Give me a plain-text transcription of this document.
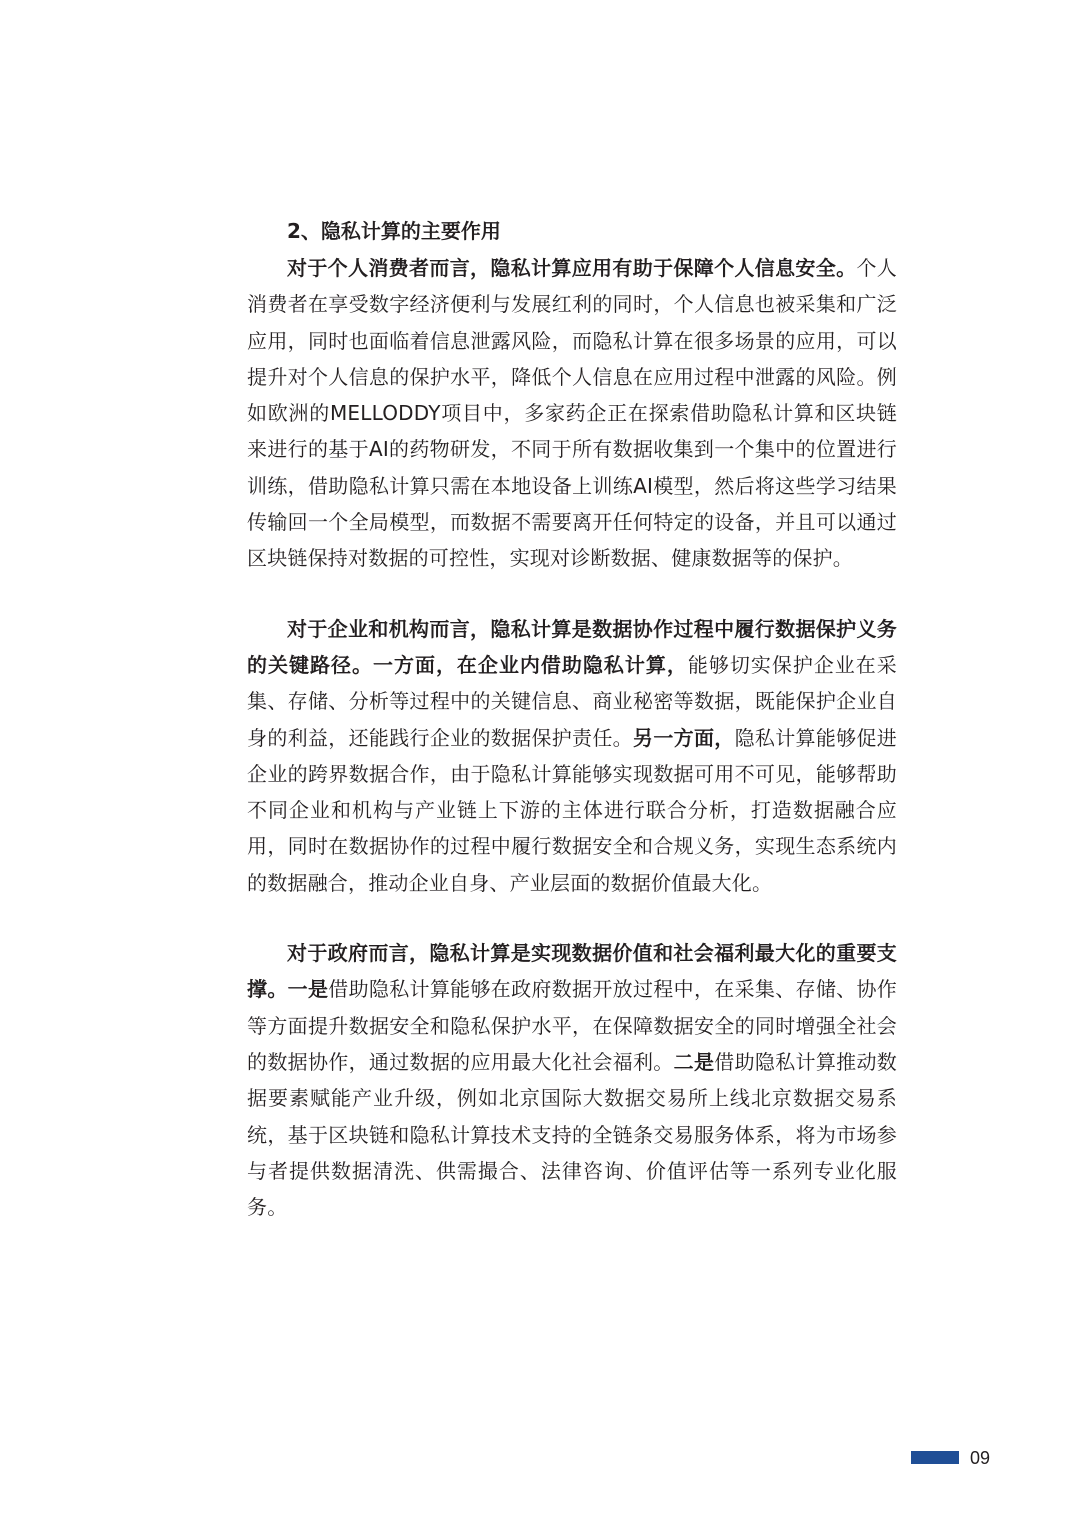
2、隐私计算的主要作用

对于个人消费者而言，隐私计算应用有助于保障个人信息安全。个人消费者在享受数字经济便利与发展红利的同时，个人信息也被采集和广泛应用，同时也面临着信息泄露风险，而隐私计算在很多场景的应用，可以提升对个人信息的保护水平，降低个人信息在应用过程中泄露的风险。例如欧洲的MELLODDY项目中，多家药企正在探索借助隐私计算和区块链来进行的基于AI的药物研发，不同于所有数据收集到一个集中的位置进行训练，借助隐私计算只需在本地设备上训练AI模型，然后将这些学习结果传输回一个全局模型，而数据不需要离开任何特定的设备，并且可以通过区块链保持对数据的可控性，实现对诊断数据、健康数据等的保护。

对于企业和机构而言，隐私计算是数据协作过程中履行数据保护义务的关键路径。一方面，在企业内借助隐私计算，能够切实保护企业在采集、存储、分析等过程中的关键信息、商业秘密等数据，既能保护企业自身的利益，还能践行企业的数据保护责任。另一方面，隐私计算能够促进企业的跨界数据合作，由于隐私计算能够实现数据可用不可见，能够帮助不同企业和机构与产业链上下游的主体进行联合分析，打造数据融合应用，同时在数据协作的过程中履行数据安全和合规义务，实现生态系统内的数据融合，推动企业自身、产业层面的数据价值最大化。

对于政府而言，隐私计算是实现数据价值和社会福利最大化的重要支撑。一是借助隐私计算能够在政府数据开放过程中，在采集、存储、协作等方面提升数据安全和隐私保护水平，在保障数据安全的同时增强全社会的数据协作，通过数据的应用最大化社会福利。二是借助隐私计算推动数据要素赋能产业升级，例如北京国际大数据交易所上线北京数据交易系统，基于区块链和隐私计算技术支持的全链条交易服务体系，将为市场参与者提供数据清洗、供需撮合、法律咨询、价值评估等一系列专业化服务。

09
